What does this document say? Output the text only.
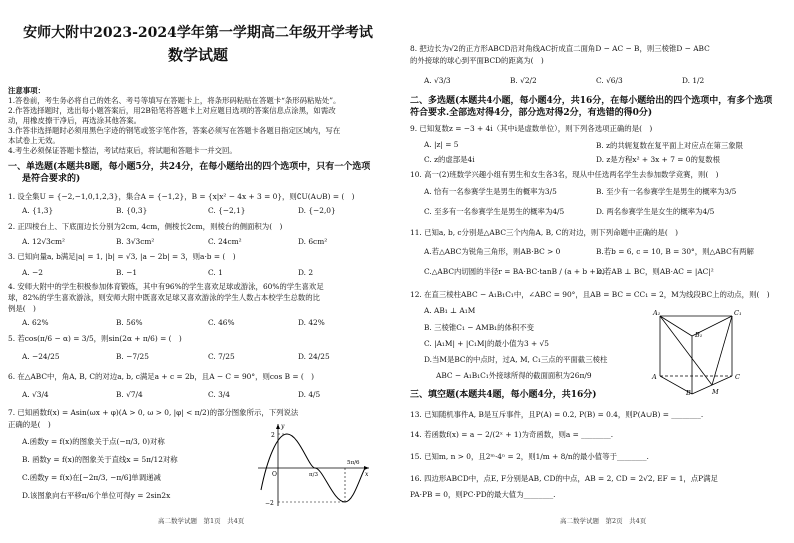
安师大附中2023-2024学年第一学期高二年级开学考试
数学试题
注意事项：
1.答卷前，考生务必将自己的姓名、考号等填写在答题卡上，将条形码粘贴在答题卡“条形码粘贴处”。
2.作答选择题时，选出每小题答案后，用2B铅笔将答题卡上对应题目选项的答案信息点涂黑，如需改
动，用橡皮擦干净后，再选涂其他答案。
3.作答非选择题时必须用黑色字迹的钢笔或签字笔作答，答案必须写在答题卡各题目指定区域内，写在
本试卷上无效。
4.考生必须保证答题卡整洁，考试结束后，将试题和答题卡一并交回。
一、单选题(本题共8题，每小题5分，共24分，在每小题给出的四个选项中，只有一个选项
是符合要求的)
1. 设全集U = {−2,−1,0,1,2,3}，集合A = {−1,2}，B = {x|x² − 4x + 3 = 0}，则∁U(A∪B) = (　)
A. {1,3}	B. {0,3}	C. {−2,1}	D. {−2,0}
2. 正四棱台上、下底面边长分别为2cm, 4cm，侧棱长2cm，则棱台的侧面积为(　)
A. 12√3cm²	B. 3√3cm²	C. 24cm²	D. 6cm²
3. 已知向量a, b满足|a| = 1, |b| = √3, |a − 2b| = 3，则a·b = (　)
A. −2	B. −1	C. 1	D. 2
4. 安师大附中的学生积极参加体育锻炼，其中有96%的学生喜欢足球或游泳，60%的学生喜欢足
球，82%的学生喜欢游泳，则安师大附中既喜欢足球又喜欢游泳的学生人数占本校学生总数的比
例是(　)
A. 62%	B. 56%	C. 46%	D. 42%
5. 若cos(π/6 − α) = 3/5，则sin(2α + π/6) = (　)
A. −24/25	B. −7/25	C. 7/25	D. 24/25
6. 在△ABC中，角A, B, C的对边a, b, c满足a + c = 2b，且A − C = 90°，则cos B = (　)
A. √3/4	B. √7/4	C. 3/4	D. 4/5
7. 已知函数f(x) = Asin(ωx + φ)(A > 0, ω > 0, |φ| < π/2)的部分图象所示，下列说法
正确的是(　)
A.函数y = f(x)的图象关于点(−π/3, 0)对称
B. 函数y = f(x)的图象关于直线x = 5π/12对称
C.函数y = f(x)在[−2π/3, −π/6]单调递减
D.该图象向右平移π/6个单位可得y = 2sin2x
2
−2
O	π/3
5π/6
x
y
高二数学试题　第1页　共4页
8. 把边长为√2的正方形ABCD沿对角线AC折成直二面角D − AC − B，则三棱锥D − ABC
的外接球的球心到平面BCD的距离为(　)
A. √3/3	B. √2/2	C. √6/3	D. 1/2
二、多选题(本题共4小题，每小题4分，共16分，在每小题给出的四个选项中，有多个选项
符合要求.全部选对得4分，部分选对得2分，有选错的得0分)
9. 已知复数z = −3 + 4i（其中i是虚数单位），则下列各选项正确的是(　)
A. |z| = 5	B. z的共轭复数在复平面上对应点在第三象限
C. z的虚部是4i	D. z是方程x² + 3x + 7 = 0的复数根
10. 高一(2)班数学兴趣小组有男生和女生各3名，现从中任选两名学生去参加数学竞赛，则(　)
A. 恰有一名参赛学生是男生的概率为3/5	B. 至少有一名参赛学生是男生的概率为3/5
C. 至多有一名参赛学生是男生的概率为4/5	D. 两名参赛学生是女生的概率为4/5
11. 已知a, b, c分别是△ABC三个内角A, B, C的对边，则下列命题中正确的是(　)
A.若△ABC为锐角三角形，则AB·BC > 0	B.若b = 6, c = 10, B = 30°，则△ABC有两解
C.△ABC内切圆的半径r = BA·BC·tanB / (a + b + c)
D.若AB ⊥ BC，则AB·AC = |AC|²
12. 在直三棱柱ABC − A₁B₁C₁中，∠ABC = 90°，且AB = BC = CC₁ = 2，M为线段BC上的动点，则(　)
A. AB₁ ⊥ A₁M
B. 三棱锥C₁ − AMB₁的体积不变
C. |A₁M| + |C₁M|的最小值为3 + √5
D.当M是BC的中点时，过A, M, C₁三点的平面截三棱柱
ABC − A₁B₁C₁外接球所得的截面面积为26π/9
A₁	C₁
B₁
A	C
B	M
三、填空题(本题共4题，每小题4分，共16分)
13. 已知随机事件A, B是互斥事件，且P(A) = 0.2, P(B) = 0.4，则P(A∪B) = ________.
14. 若函数f(x) = a − 2/(2ˣ + 1)为奇函数，则a = ________.
15. 已知m, n > 0，且2ᵐ·4ⁿ = 2，则1/m + 8/n的最小值等于________.
16. 四边形ABCD中，点E, F分别是AB, CD的中点，AB = 2, CD = 2√2, EF = 1，点P满足
PA·PB = 0，则PC·PD的最大值为________.
高二数学试题　第2页　共4页
